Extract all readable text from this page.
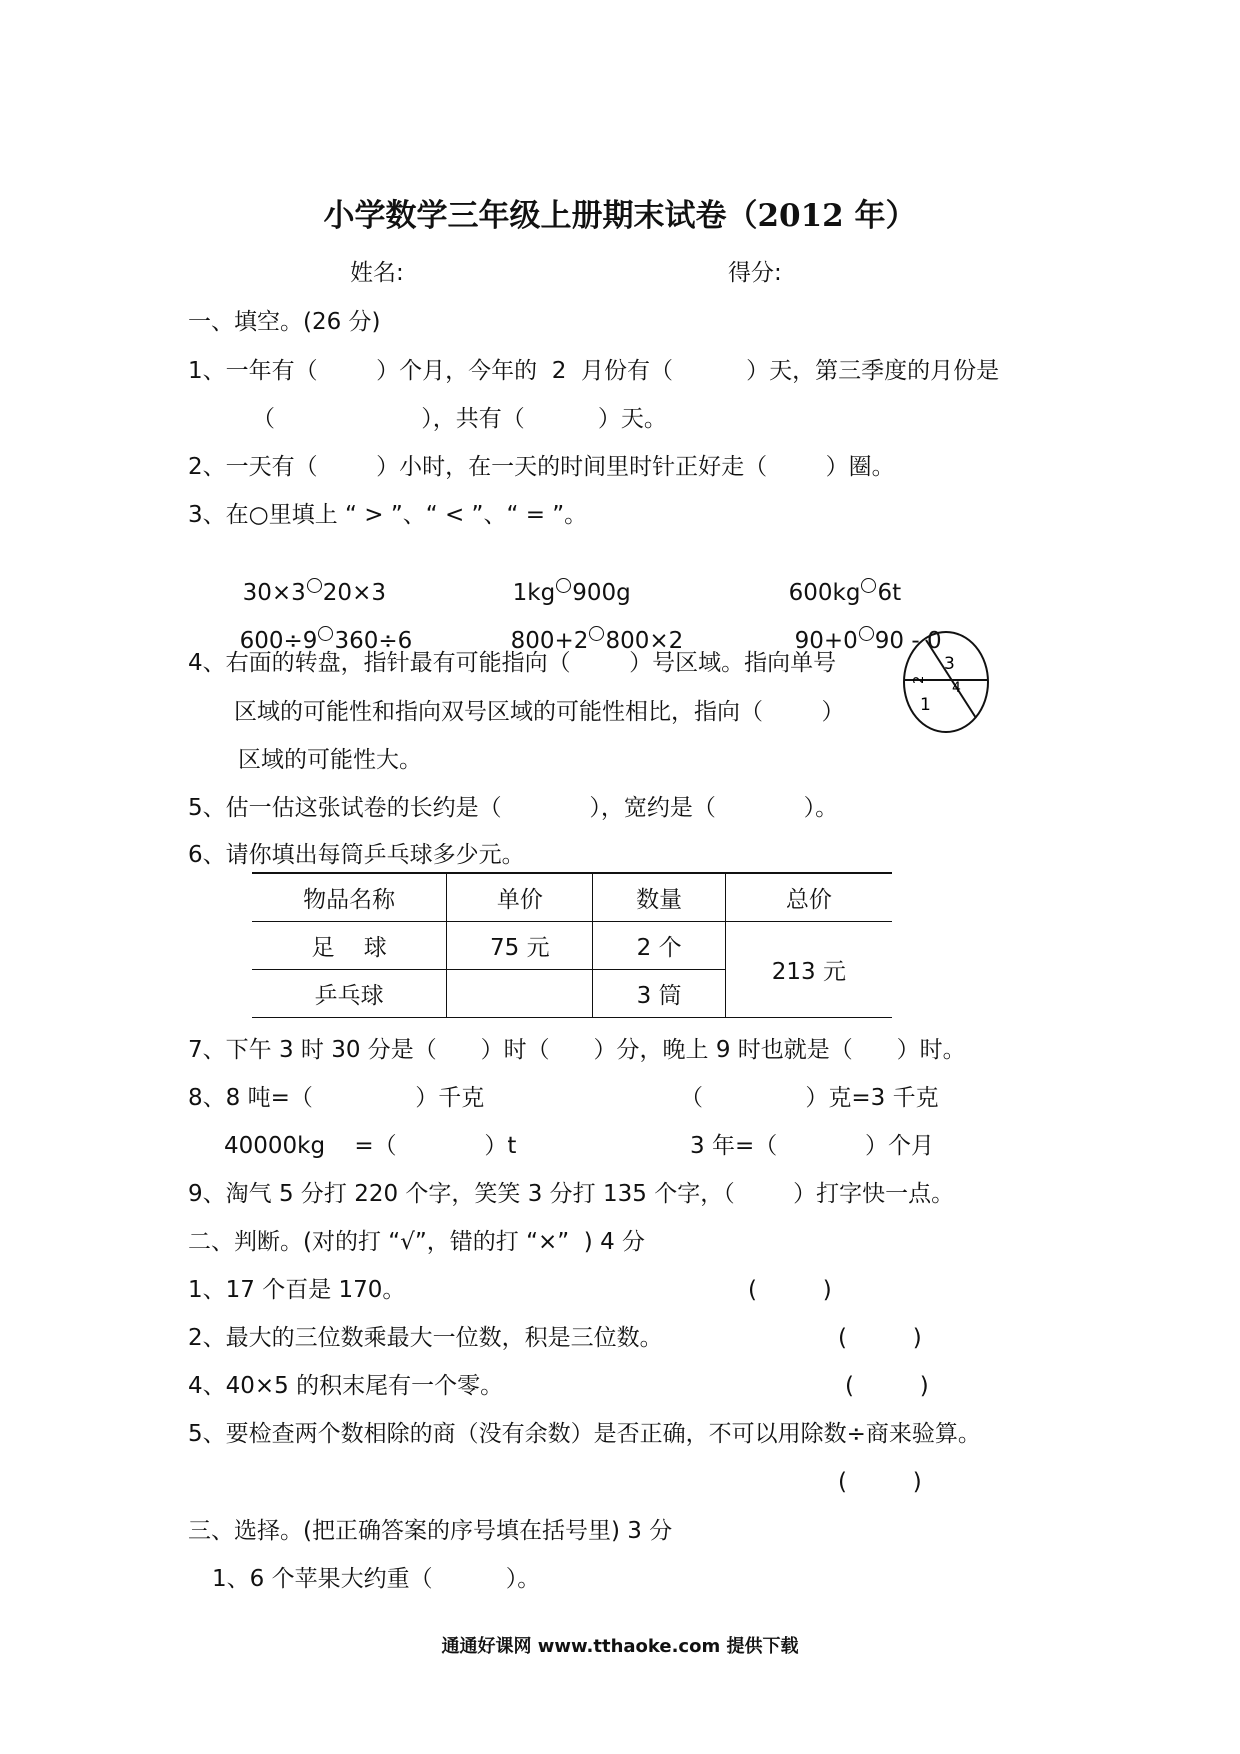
小学数学三年级上册期末试卷（2012 年）
姓名:	得分:
一、填空。(26 分)
1、一年有（        ）个月，今年的  2  月份有（          ）天，第三季度的月份是
（                    ），共有（          ）天。
2、一天有（        ）小时，在一天的时间里时针正好走（        ）圈。
3、在○里填上 “ > ”、“ < ”、“ = ”。

30×3 20×3	1kg 900g	600kg 6t

600÷9 360÷6	800+2 800×2	90+0 90 - 0

4、右面的转盘，指针最有可能指向（        ）号区域。指向单号
区域的可能性和指向双号区域的可能性相比，指向（        ）
区域的可能性大。
3
1
2
4
5、估一估这张试卷的长约是（            ），宽约是（            ）。
6、请你填出每筒乒乓球多少元。
物品名称	单价	数量	总价
足    球	75 元	2 个	213 元
乒乓球		3 筒	
7、下午 3 时 30 分是（      ）时（      ）分，晚上 9 时也就是（      ）时。
8、8 吨=（              ）千克	（              ）克=3 千克
40000kg    =（            ）t	3 年=（            ）个月
9、淘气 5 分打 220 个字，笑笑 3 分打 135 个字，（        ）打字快一点。
二、判断。(对的打 “√”，错的打 “×”  ) 4 分
1、17 个百是 170。	(         )
2、最大的三位数乘最大一位数，积是三位数。	(         )
4、40×5 的积末尾有一个零。	(         )
5、要检查两个数相除的商（没有余数）是否正确，不可以用除数÷商来验算。
(         )
三、选择。(把正确答案的序号填在括号里) 3 分
1、6 个苹果大约重（          ）。
通通好课网 www.tthaoke.com 提供下载
